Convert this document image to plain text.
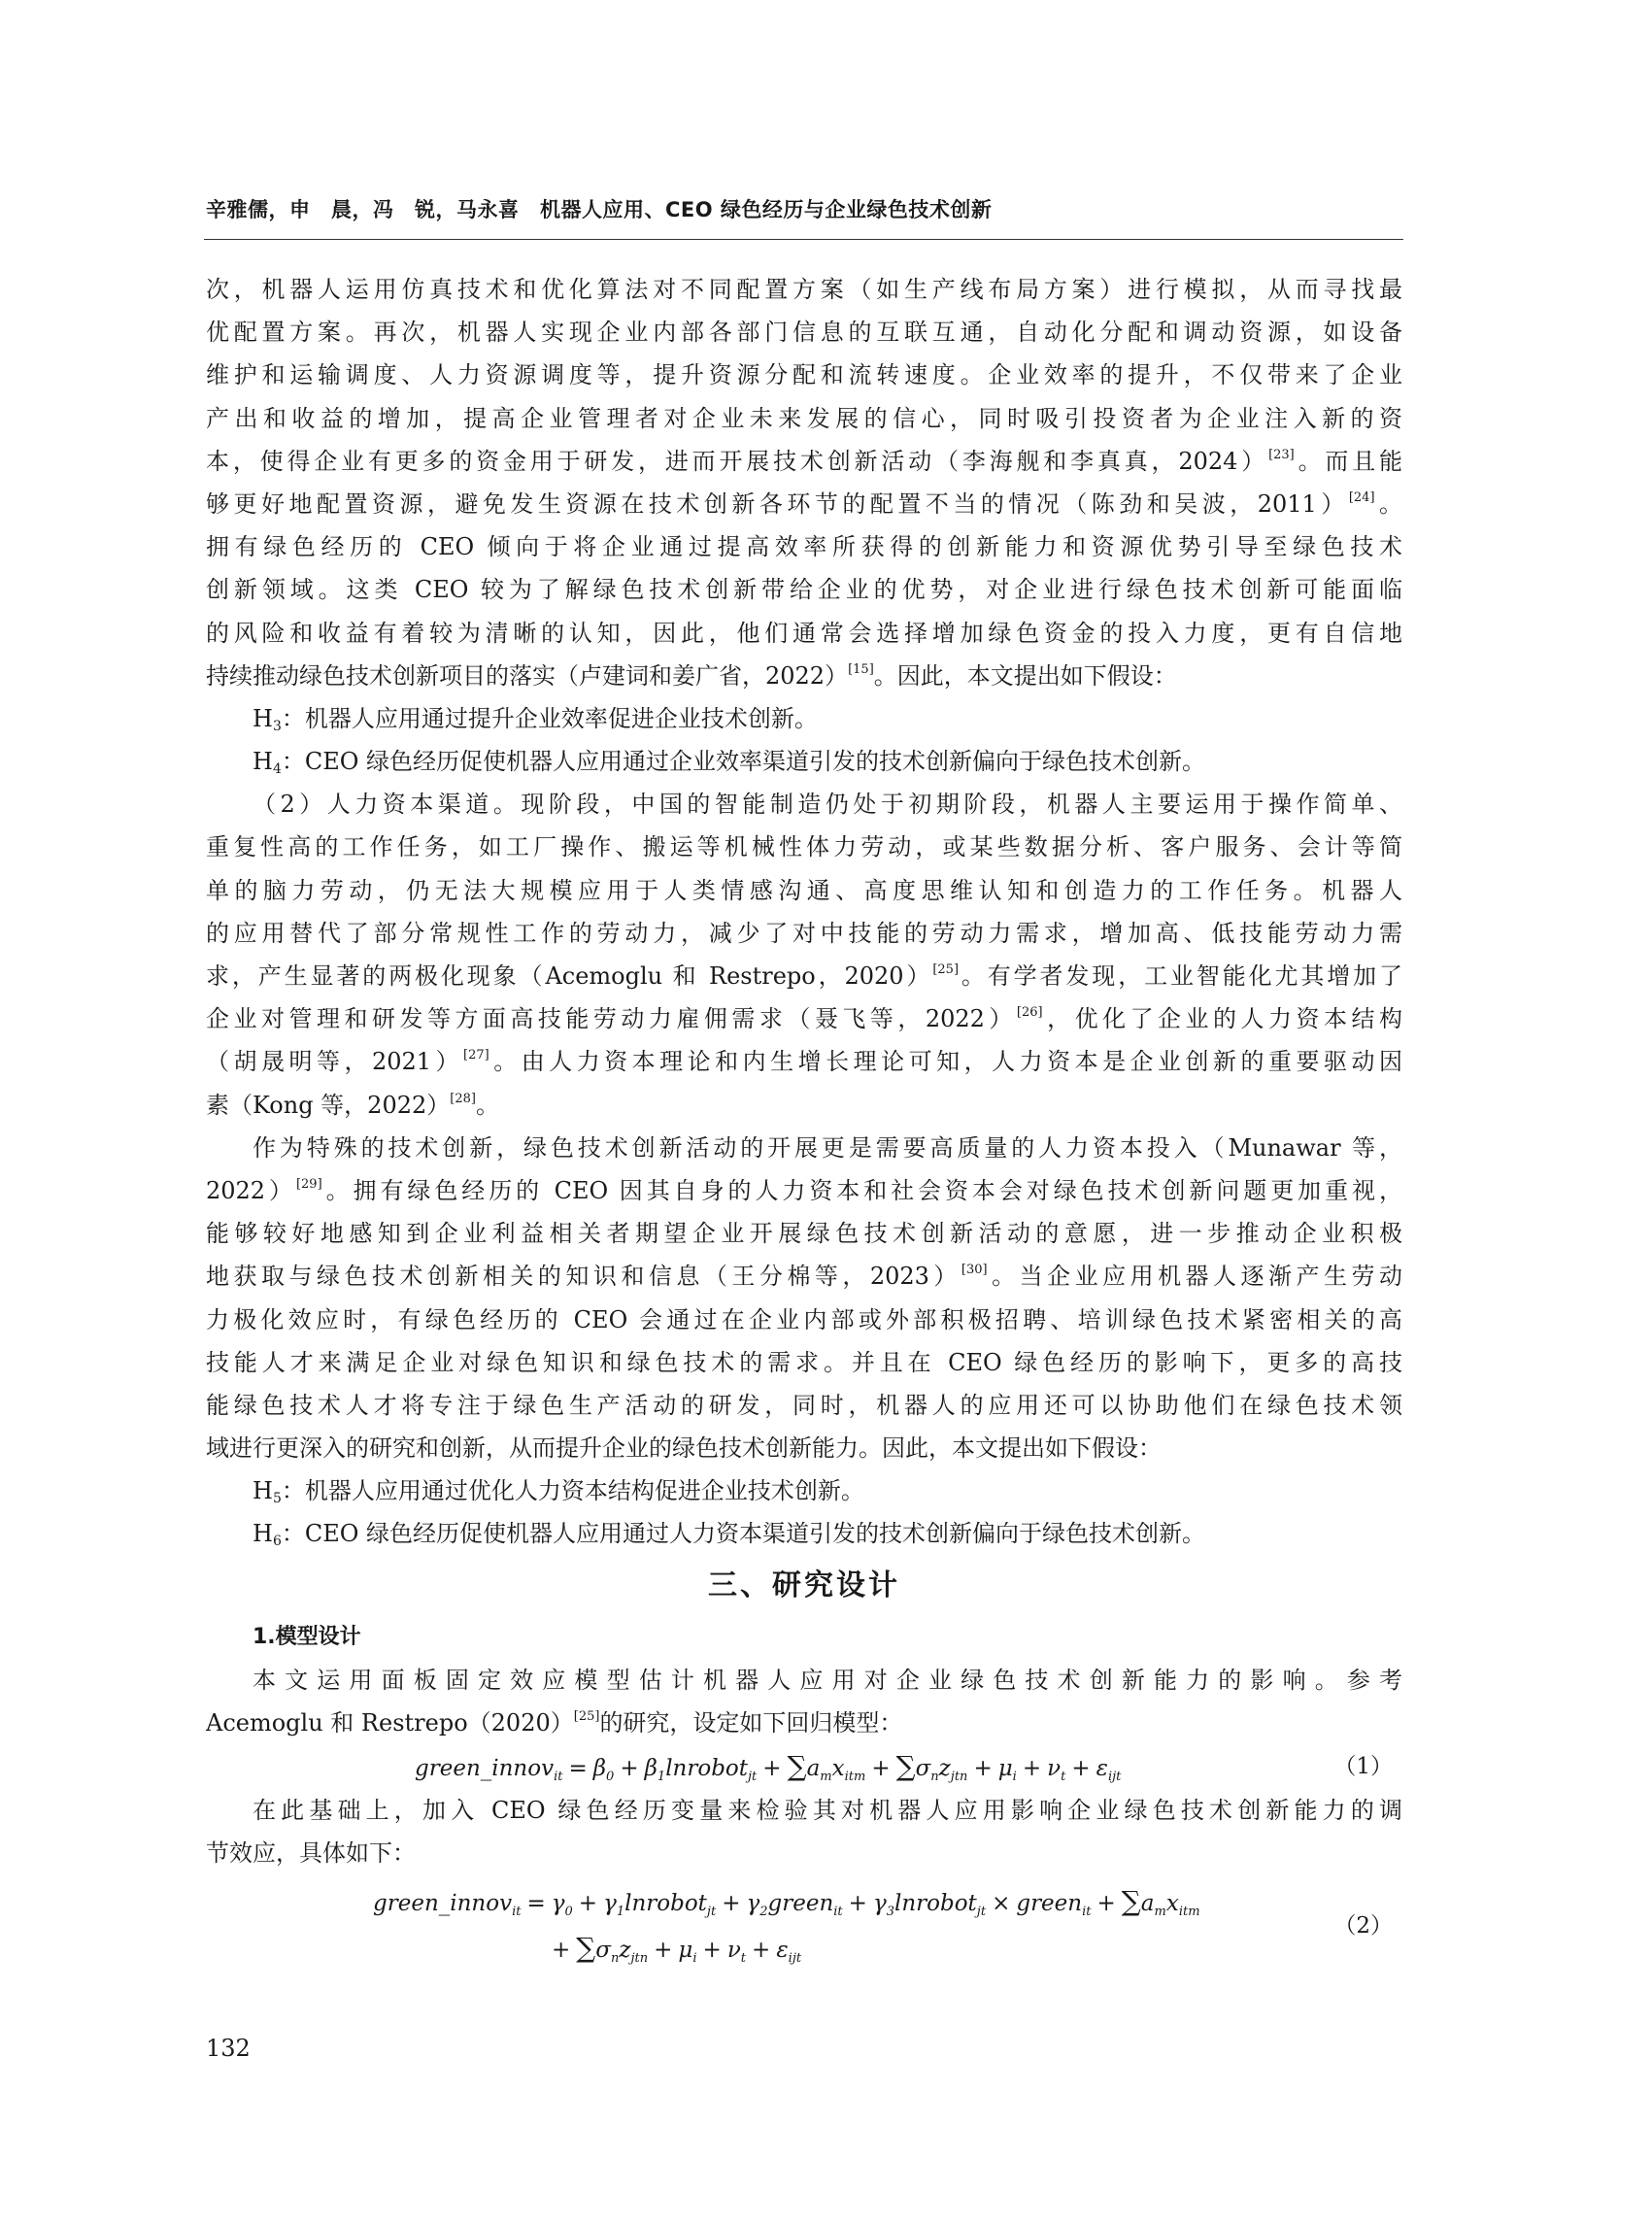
辛雅儒，申　晨，冯　锐，马永喜　机器人应用、CEO 绿色经历与企业绿色技术创新
次，机器人运用仿真技术和优化算法对不同配置方案（如生产线布局方案）进行模拟，从而寻找最
优配置方案。再次，机器人实现企业内部各部门信息的互联互通，自动化分配和调动资源，如设备
维护和运输调度、人力资源调度等，提升资源分配和流转速度。企业效率的提升，不仅带来了企业
产出和收益的增加，提高企业管理者对企业未来发展的信心，同时吸引投资者为企业注入新的资
本，使得企业有更多的资金用于研发，进而开展技术创新活动（李海舰和李真真，2024）[23]。而且能
够更好地配置资源，避免发生资源在技术创新各环节的配置不当的情况（陈劲和吴波，2011）[24]。
拥有绿色经历的 CEO 倾向于将企业通过提高效率所获得的创新能力和资源优势引导至绿色技术
创新领域。这类 CEO 较为了解绿色技术创新带给企业的优势，对企业进行绿色技术创新可能面临
的风险和收益有着较为清晰的认知，因此，他们通常会选择增加绿色资金的投入力度，更有自信地
持续推动绿色技术创新项目的落实（卢建词和姜广省，2022）[15]。因此，本文提出如下假设：
$H_3$：机器人应用通过提升企业效率促进企业技术创新。
$H_4$：CEO 绿色经历促使机器人应用通过企业效率渠道引发的技术创新偏向于绿色技术创新。
（2）人力资本渠道。现阶段，中国的智能制造仍处于初期阶段，机器人主要运用于操作简单、
重复性高的工作任务，如工厂操作、搬运等机械性体力劳动，或某些数据分析、客户服务、会计等简
单的脑力劳动，仍无法大规模应用于人类情感沟通、高度思维认知和创造力的工作任务。机器人
的应用替代了部分常规性工作的劳动力，减少了对中技能的劳动力需求，增加高、低技能劳动力需
求，产生显著的两极化现象（Acemoglu 和 Restrepo，2020）[25]。有学者发现，工业智能化尤其增加了
企业对管理和研发等方面高技能劳动力雇佣需求（聂飞等，2022）[26]，优化了企业的人力资本结构
（胡晟明等，2021）[27]。由人力资本理论和内生增长理论可知，人力资本是企业创新的重要驱动因
素（Kong 等，2022）[28]。
作为特殊的技术创新，绿色技术创新活动的开展更是需要高质量的人力资本投入（Munawar 等，
2022）[29]。拥有绿色经历的 CEO 因其自身的人力资本和社会资本会对绿色技术创新问题更加重视，
能够较好地感知到企业利益相关者期望企业开展绿色技术创新活动的意愿，进一步推动企业积极
地获取与绿色技术创新相关的知识和信息（王分棉等，2023）[30]。当企业应用机器人逐渐产生劳动
力极化效应时，有绿色经历的 CEO 会通过在企业内部或外部积极招聘、培训绿色技术紧密相关的高
技能人才来满足企业对绿色知识和绿色技术的需求。并且在 CEO 绿色经历的影响下，更多的高技
能绿色技术人才将专注于绿色生产活动的研发，同时，机器人的应用还可以协助他们在绿色技术领
域进行更深入的研究和创新，从而提升企业的绿色技术创新能力。因此，本文提出如下假设：
$H_5$：机器人应用通过优化人力资本结构促进企业技术创新。
$H_6$：CEO 绿色经历促使机器人应用通过人力资本渠道引发的技术创新偏向于绿色技术创新。
三、研究设计
1.模型设计
本文运用面板固定效应模型估计机器人应用对企业绿色技术创新能力的影响。参考
Acemoglu 和 Restrepo（2020）[25]的研究，设定如下回归模型：
green_innov$_{it}$ = $\beta_0$ + $\beta_1lnrobot_{jt} + \sum a_mx_{itm} + \sum\sigma_nz_{jtn} + \mu_i + \nu_t + \varepsilon_{ijt}$	（1）
在此基础上，加入 CEO 绿色经历变量来检验其对机器人应用影响企业绿色技术创新能力的调
节效应，具体如下：
green_innov$_{it}$ = $\gamma_0$ + $\gamma_1lnrobot_{jt}$ + $\gamma_2green_{it}$ + $\gamma_3lnrobot_{jt}$ × green$_{it}$ + $\sum a_mx_{itm}$
+ $\sum\sigma_nz_{jtn} + \mu_i + \nu_t + \varepsilon_{ijt}$
（2）
132
